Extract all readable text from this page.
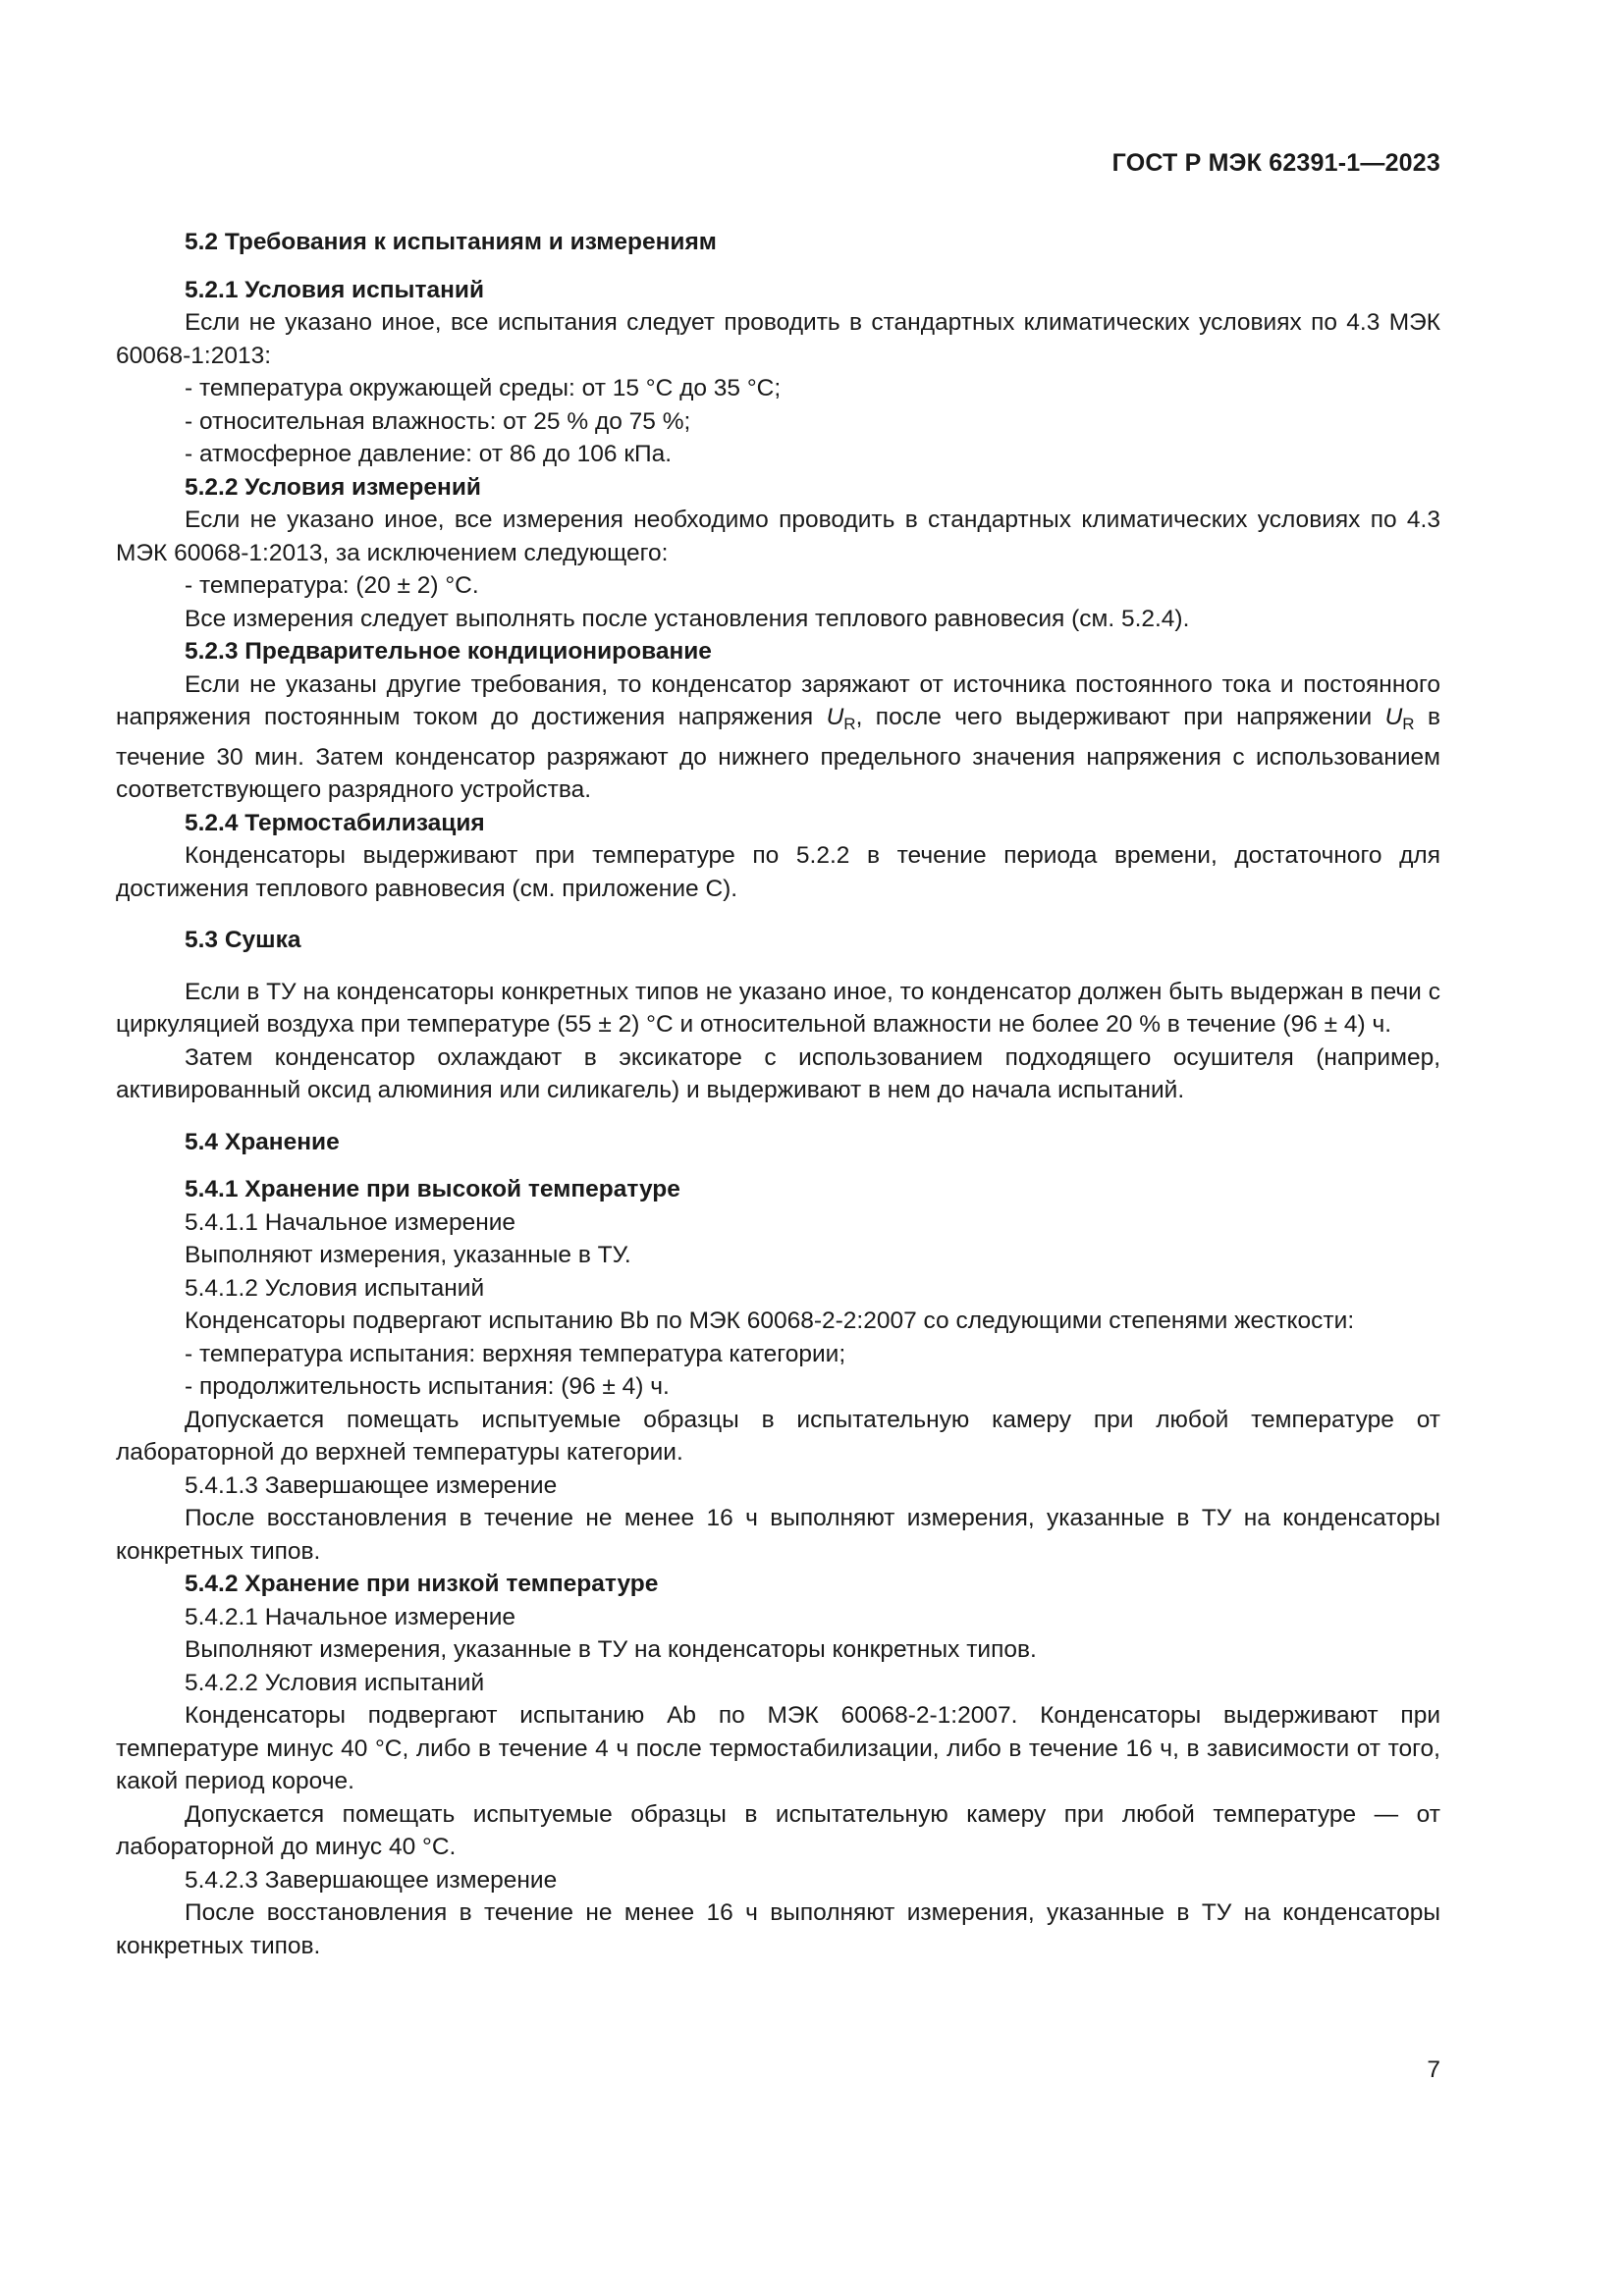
ГОСТ Р МЭК 62391-1—2023

5.2 Требования к испытаниям и измерениям

5.2.1 Условия испытаний

Если не указано иное, все испытания следует проводить в стандартных климатических условиях по 4.3 МЭК 60068-1:2013:

- температура окружающей среды: от 15 °C до 35 °C;

- относительная влажность: от 25 % до 75 %;

- атмосферное давление: от 86 до 106 кПа.

5.2.2 Условия измерений

Если не указано иное, все измерения необходимо проводить в стандартных климатических условиях по 4.3 МЭК 60068-1:2013, за исключением следующего:

- температура: (20 ± 2) °C.

Все измерения следует выполнять после установления теплового равновесия (см. 5.2.4).

5.2.3 Предварительное кондиционирование

Если не указаны другие требования, то конденсатор заряжают от источника постоянного тока и постоянного напряжения постоянным током до достижения напряжения $U_R$, после чего выдерживают при напряжении $U_R$ в течение 30 мин. Затем конденсатор разряжают до нижнего предельного значения напряжения с использованием соответствующего разрядного устройства.

5.2.4 Термостабилизация

Конденсаторы выдерживают при температуре по 5.2.2 в течение периода времени, достаточного для достижения теплового равновесия (см. приложение С).

5.3 Сушка

Если в ТУ на конденсаторы конкретных типов не указано иное, то конденсатор должен быть выдержан в печи с циркуляцией воздуха при температуре (55 ± 2) °C и относительной влажности не более 20 % в течение (96 ± 4) ч.

Затем конденсатор охлаждают в эксикаторе с использованием подходящего осушителя (например, активированный оксид алюминия или силикагель) и выдерживают в нем до начала испытаний.

5.4 Хранение

5.4.1 Хранение при высокой температуре

5.4.1.1 Начальное измерение

Выполняют измерения, указанные в ТУ.

5.4.1.2 Условия испытаний

Конденсаторы подвергают испытанию Bb по МЭК 60068-2-2:2007 со следующими степенями жесткости:

- температура испытания: верхняя температура категории;

- продолжительность испытания: (96 ± 4) ч.

Допускается помещать испытуемые образцы в испытательную камеру при любой температуре от лабораторной до верхней температуры категории.

5.4.1.3 Завершающее измерение

После восстановления в течение не менее 16 ч выполняют измерения, указанные в ТУ на конденсаторы конкретных типов.

5.4.2 Хранение при низкой температуре

5.4.2.1 Начальное измерение

Выполняют измерения, указанные в ТУ на конденсаторы конкретных типов.

5.4.2.2 Условия испытаний

Конденсаторы подвергают испытанию Ab по МЭК 60068-2-1:2007. Конденсаторы выдерживают при температуре минус 40 °C, либо в течение 4 ч после термостабилизации, либо в течение 16 ч, в зависимости от того, какой период короче.

Допускается помещать испытуемые образцы в испытательную камеру при любой температуре — от лабораторной до минус 40 °C.

5.4.2.3 Завершающее измерение

После восстановления в течение не менее 16 ч выполняют измерения, указанные в ТУ на конденсаторы конкретных типов.

7
